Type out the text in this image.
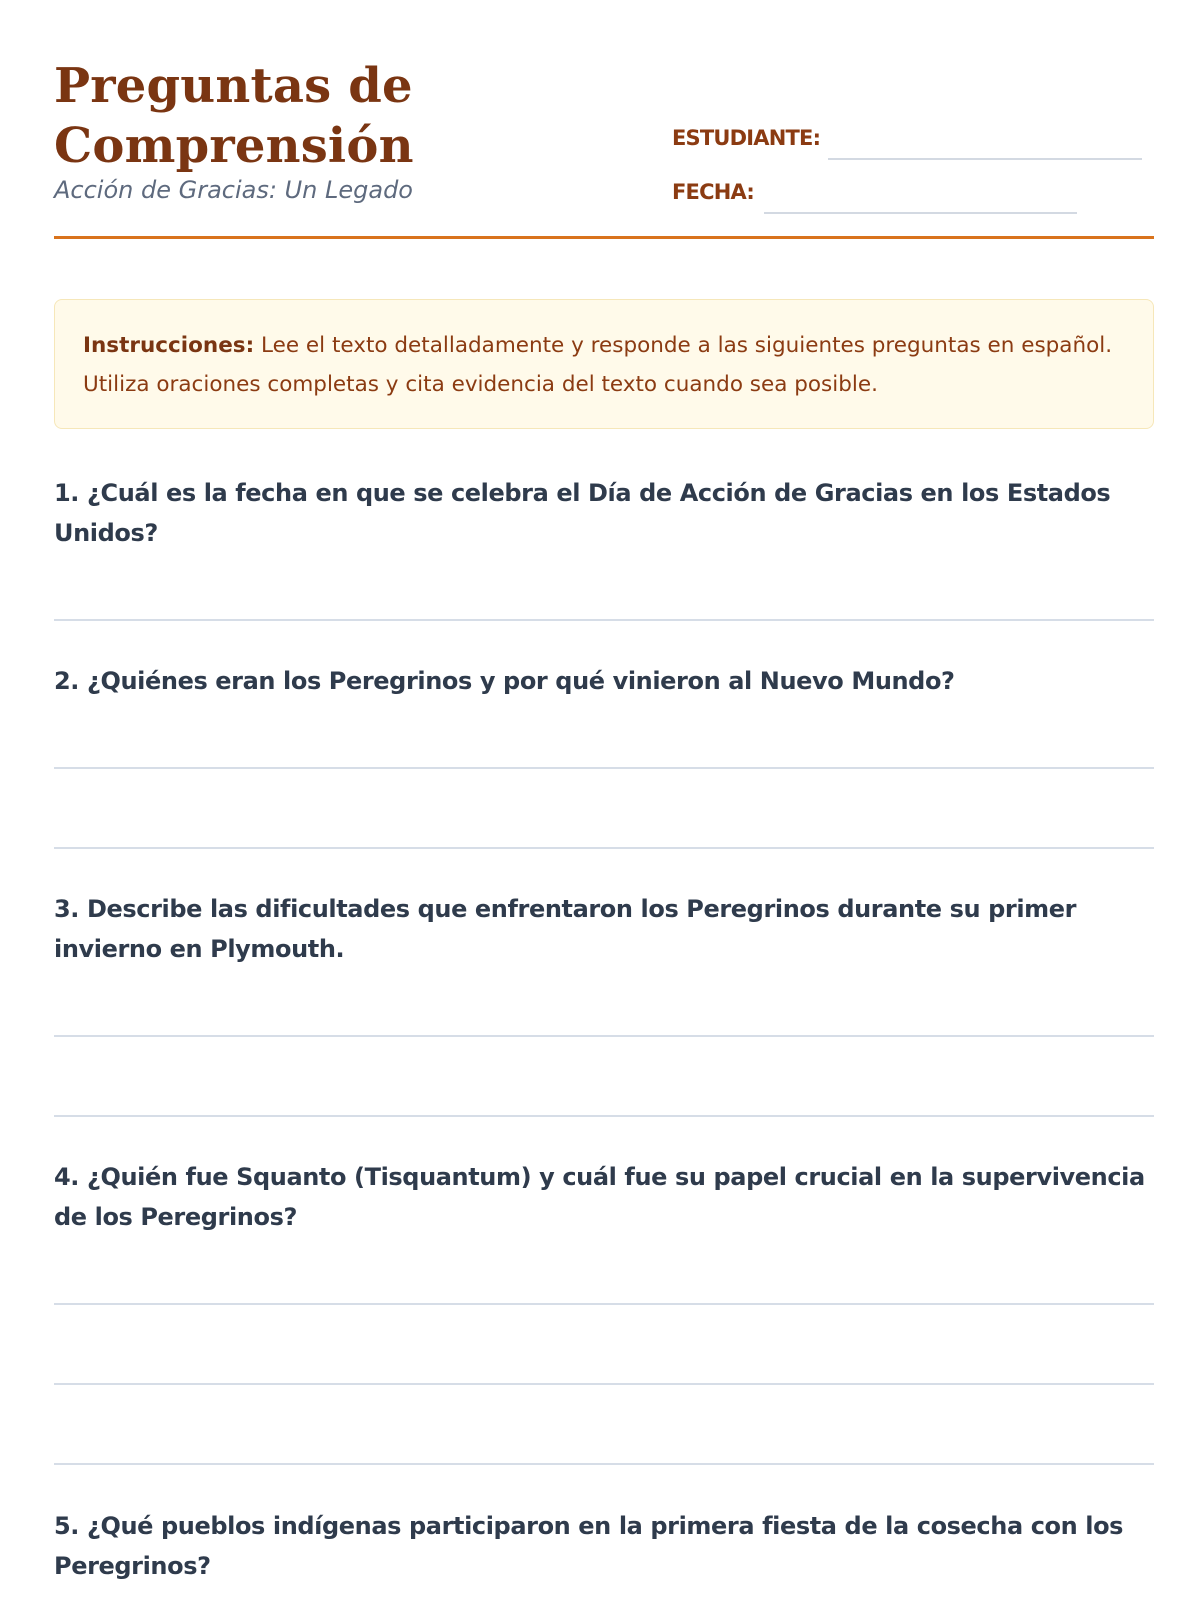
Preguntas de
Comprensión

Acción de Gracias: Un Legado

ESTUDIANTE:
FECHA:
Instrucciones: Lee el texto detalladamente y responde a las siguientes preguntas en español. Utiliza oraciones completas y cita evidencia del texto cuando sea posible.

1. ¿Cuál es la fecha en que se celebra el Día de Acción de Gracias en los Estados Unidos?

2. ¿Quiénes eran los Peregrinos y por qué vinieron al Nuevo Mundo?

3. Describe las dificultades que enfrentaron los Peregrinos durante su primer invierno en Plymouth.

4. ¿Quién fue Squanto (Tisquantum) y cuál fue su papel crucial en la supervivencia de los Peregrinos?

5. ¿Qué pueblos indígenas participaron en la primera fiesta de la cosecha con los Peregrinos?
